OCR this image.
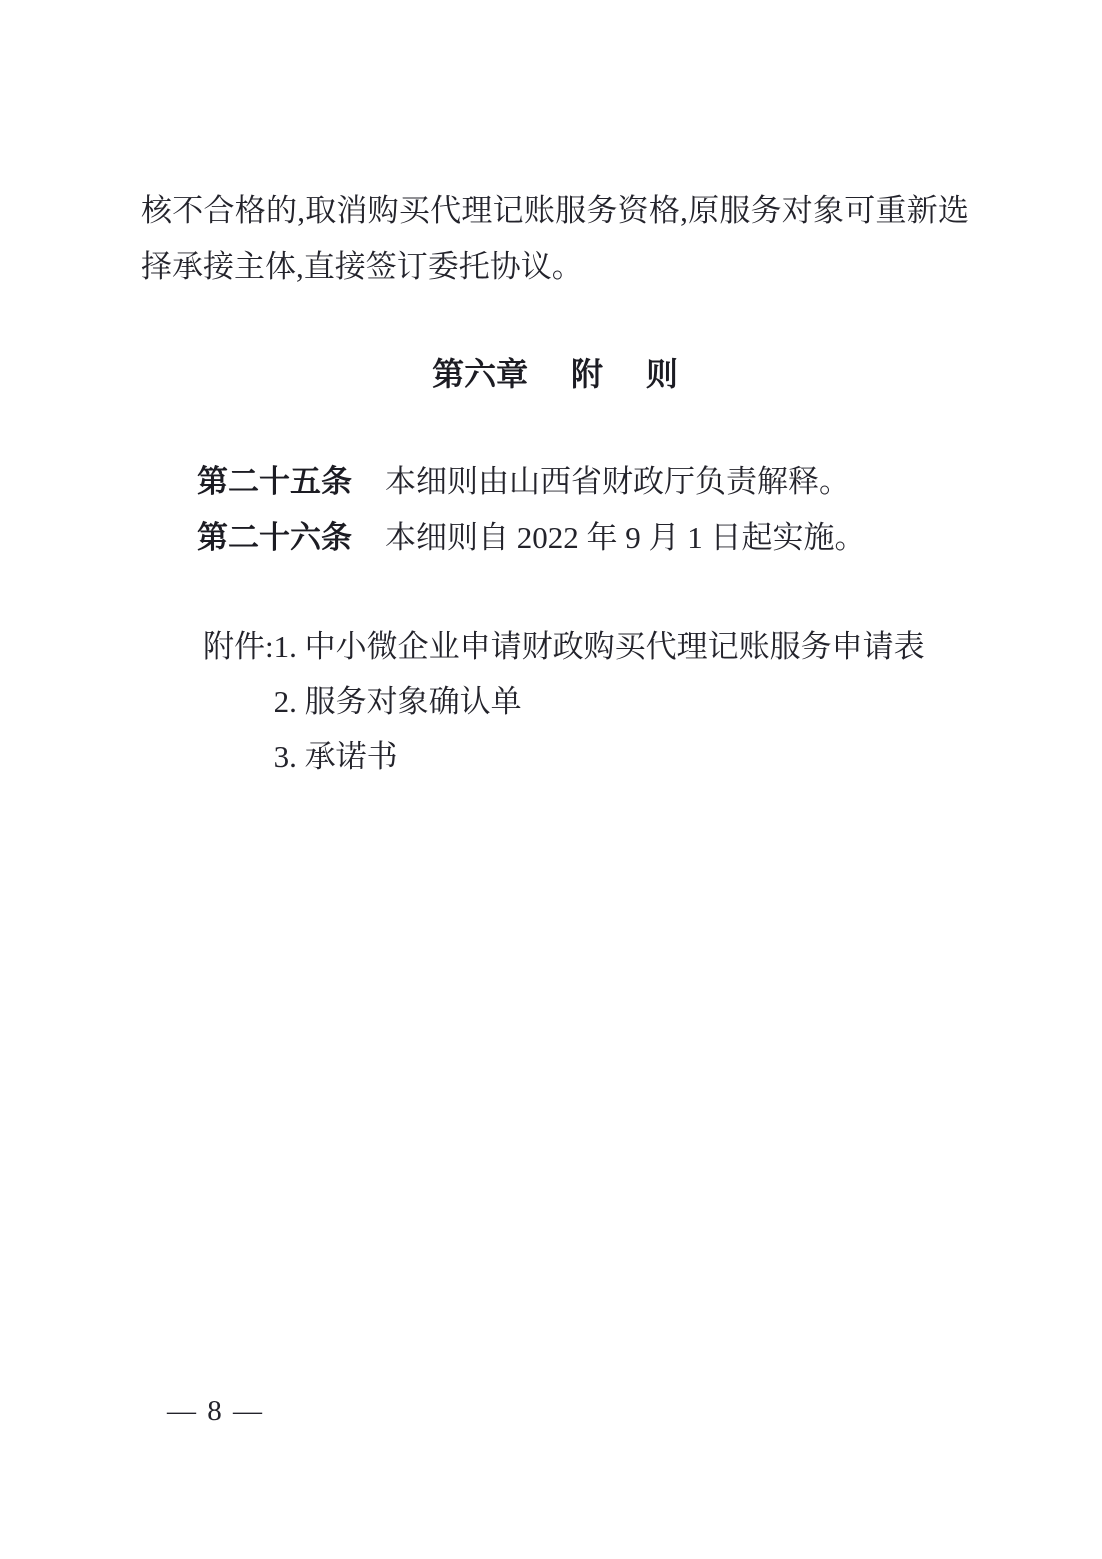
核不合格的,取消购买代理记账服务资格,原服务对象可重新选
择承接主体,直接签订委托协议。

第六章 附 则
第二十五条 本细则由山西省财政厅负责解释。
第二十六条 本细则自 2022 年 9 月 1 日起实施。
附件: 1. 中小微企业申请财政购买代理记账服务申请表
2. 服务对象确认单
3. 承诺书
— 8 —
